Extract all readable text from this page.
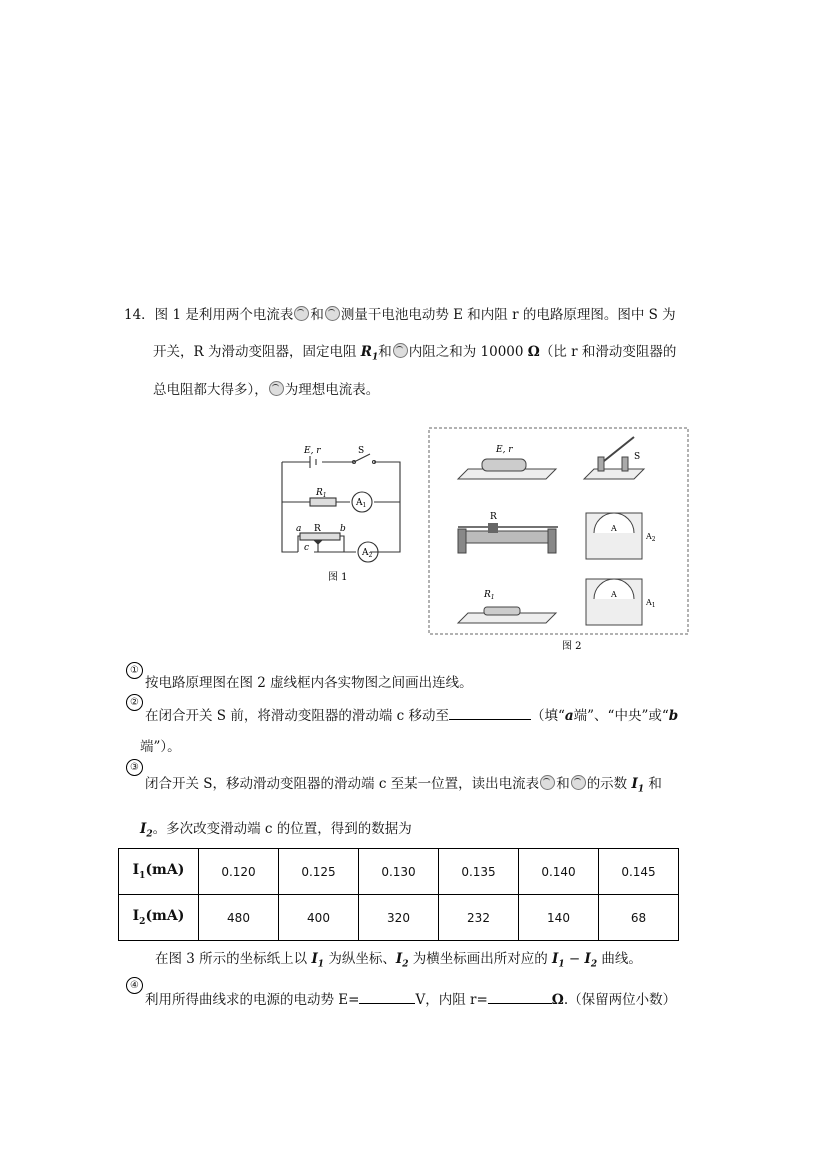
14．图 1 是利用两个电流表 和 测量干电池电动势 E 和内阻 r 的电路原理图。图中 S 为
开关，R 为滑动变阻器，固定电阻 $R_1$和 内阻之和为 10000 Ω（比 r 和滑动变阻器的
总电阻都大得多）， 为理想电流表。
E, r	S
$R_1$
$A_1$
R
a	b
c	$A_2$
图 1
E, r
S
R
A
$A_2$
$R_1$	A
$A_1$
图 2
①
按电路原理图在图 2 虚线框内各实物图之间画出连线。
②
在闭合开关 S 前，将滑动变阻器的滑动端 c 移动至	（填“a端”、“中央”或“b
端”）。
③
闭合开关 S，移动滑动变阻器的滑动端 c 至某一位置，读出电流表 和 的示数 $I_1$ 和
$I_2$。多次改变滑动端 c 的位置，得到的数据为
$I_1(mA)$	0.120	0.125	0.130	0.135	0.140	0.145
$I_2(mA)$	480	400	320	232	140	68
在图 3 所示的坐标纸上以 $I_1$ 为纵坐标、$I_2$ 为横坐标画出所对应的 $I_1 - I_2$ 曲线。
④
利用所得曲线求的电源的电动势 E=	V，内阻 r=	Ω.（保留两位小数）
